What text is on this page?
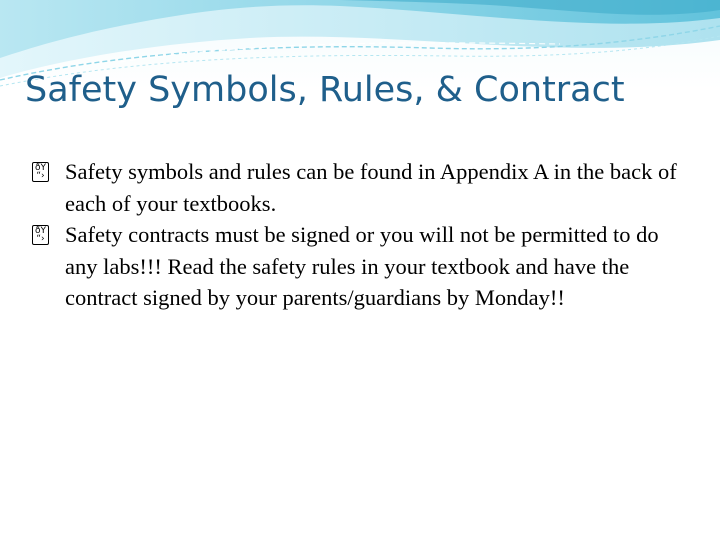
Safety Symbols, Rules, & Contract
ðŸ
“› Safety symbols and rules can be found in Appendix A in the back of each of your textbooks.
ðŸ
“› Safety contracts must be signed or you will not be permitted to do any labs!!! Read the safety rules in your textbook and have the contract signed by your parents/guardians by Monday!!
